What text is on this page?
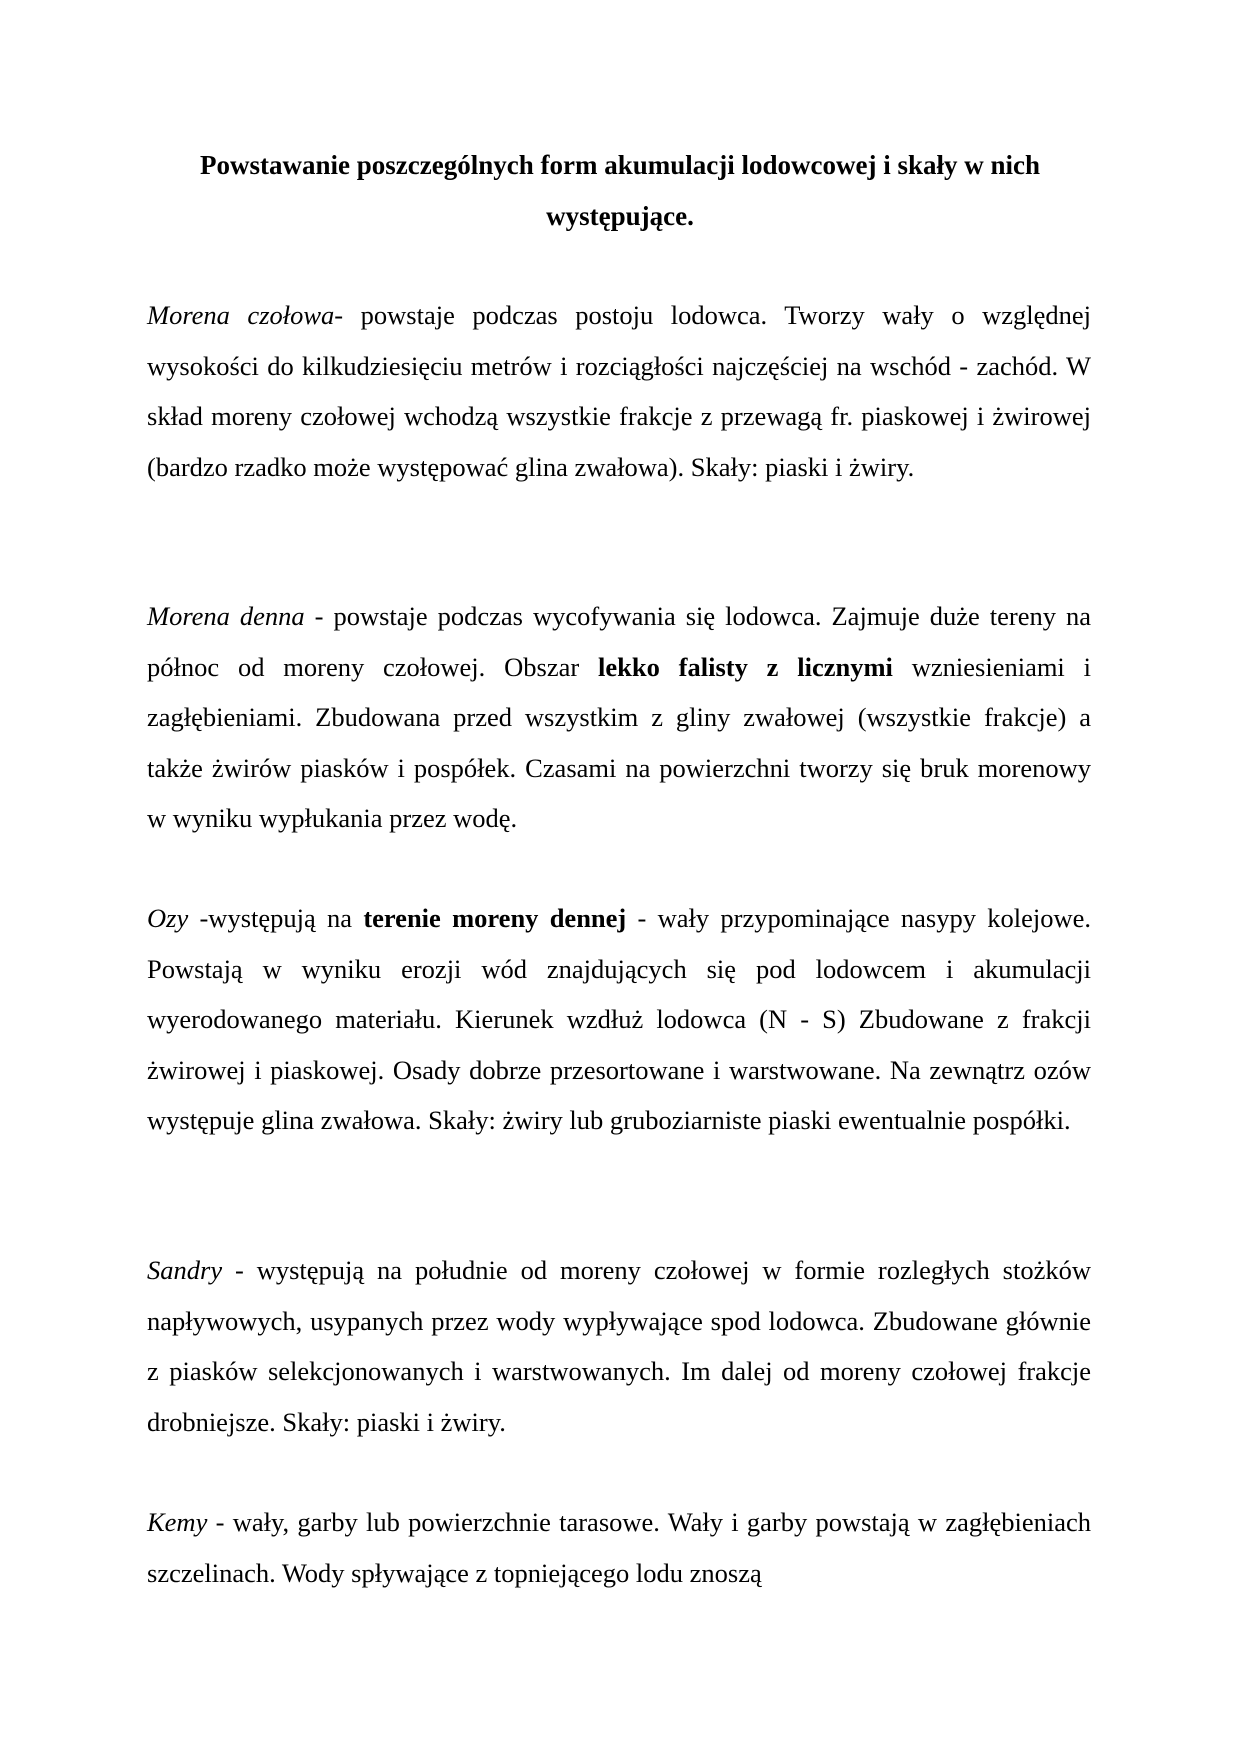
Powstawanie poszczególnych form akumulacji lodowcowej i skały w nich występujące.

Morena czołowa- powstaje podczas postoju lodowca. Tworzy wały o względnej wysokości do kilkudziesięciu metrów i rozciągłości najczęściej na wschód - zachód. W skład moreny czołowej wchodzą wszystkie frakcje z przewagą fr. piaskowej i żwirowej (bardzo rzadko może występować glina zwałowa). Skały: piaski i żwiry.

Morena denna - powstaje podczas wycofywania się lodowca. Zajmuje duże tereny na północ od moreny czołowej. Obszar lekko falisty z licznymi wzniesieniami i zagłębieniami. Zbudowana przed wszystkim z gliny zwałowej (wszystkie frakcje) a także żwirów piasków i pospółek. Czasami na powierzchni tworzy się bruk morenowy w wyniku wypłukania przez wodę.

Ozy -występują na terenie moreny dennej - wały przypominające nasypy kolejowe. Powstają w wyniku erozji wód znajdujących się pod lodowcem i akumulacji wyerodowanego materiału. Kierunek wzdłuż lodowca (N - S) Zbudowane z frakcji żwirowej i piaskowej. Osady dobrze przesortowane i warstwowane. Na zewnątrz ozów występuje glina zwałowa. Skały: żwiry lub gruboziarniste piaski ewentualnie pospółki.

Sandry - występują na południe od moreny czołowej w formie rozległych stożków napływowych, usypanych przez wody wypływające spod lodowca. Zbudowane głównie z piasków selekcjonowanych i warstwowanych. Im dalej od moreny czołowej frakcje drobniejsze. Skały: piaski i żwiry.

Kemy - wały, garby lub powierzchnie tarasowe. Wały i garby powstają w zagłębieniach szczelinach. Wody spływające z topniejącego lodu znoszą
